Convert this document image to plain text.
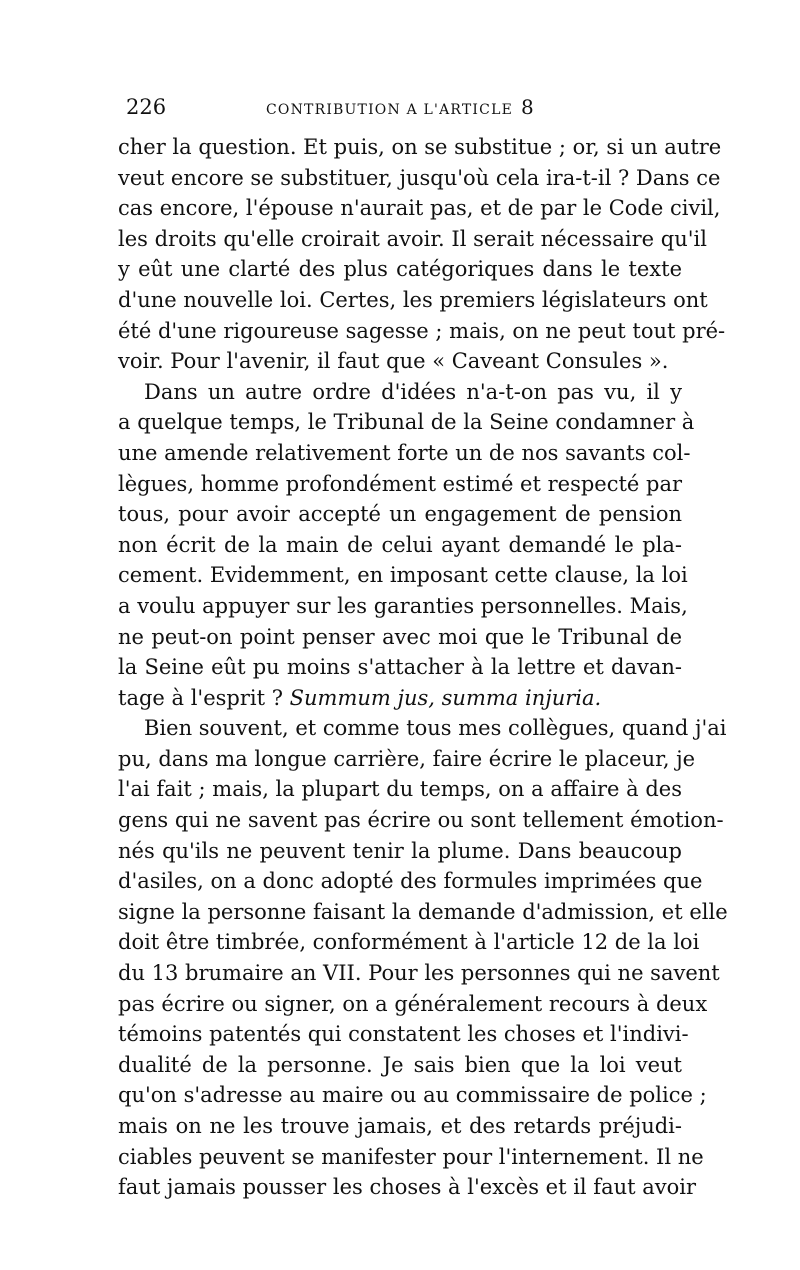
226	CONTRIBUTION A L'ARTICLE 8
cher la question. Et puis, on se substitue ; or, si un autre
veut encore se substituer, jusqu'où cela ira-t-il ? Dans ce
cas encore, l'épouse n'aurait pas, et de par le Code civil,
les droits qu'elle croirait avoir. Il serait nécessaire qu'il
y eût une clarté des plus catégoriques dans le texte
d'une nouvelle loi. Certes, les premiers législateurs ont
été d'une rigoureuse sagesse ; mais, on ne peut tout pré-
voir. Pour l'avenir, il faut que « Caveant Consules ».
Dans un autre ordre d'idées n'a-t-on pas vu, il y
a quelque temps, le Tribunal de la Seine condamner à
une amende relativement forte un de nos savants col-
lègues, homme profondément estimé et respecté par
tous, pour avoir accepté un engagement de pension
non écrit de la main de celui ayant demandé le pla-
cement. Evidemment, en imposant cette clause, la loi
a voulu appuyer sur les garanties personnelles. Mais,
ne peut-on point penser avec moi que le Tribunal de
la Seine eût pu moins s'attacher à la lettre et davan-
tage à l'esprit ? Summum jus, summa injuria.
Bien souvent, et comme tous mes collègues, quand j'ai
pu, dans ma longue carrière, faire écrire le placeur, je
l'ai fait ; mais, la plupart du temps, on a affaire à des
gens qui ne savent pas écrire ou sont tellement émotion-
nés qu'ils ne peuvent tenir la plume. Dans beaucoup
d'asiles, on a donc adopté des formules imprimées que
signe la personne faisant la demande d'admission, et elle
doit être timbrée, conformément à l'article 12 de la loi
du 13 brumaire an VII. Pour les personnes qui ne savent
pas écrire ou signer, on a généralement recours à deux
témoins patentés qui constatent les choses et l'indivi-
dualité de la personne. Je sais bien que la loi veut
qu'on s'adresse au maire ou au commissaire de police ;
mais on ne les trouve jamais, et des retards préjudi-
ciables peuvent se manifester pour l'internement. Il ne
faut jamais pousser les choses à l'excès et il faut avoir
